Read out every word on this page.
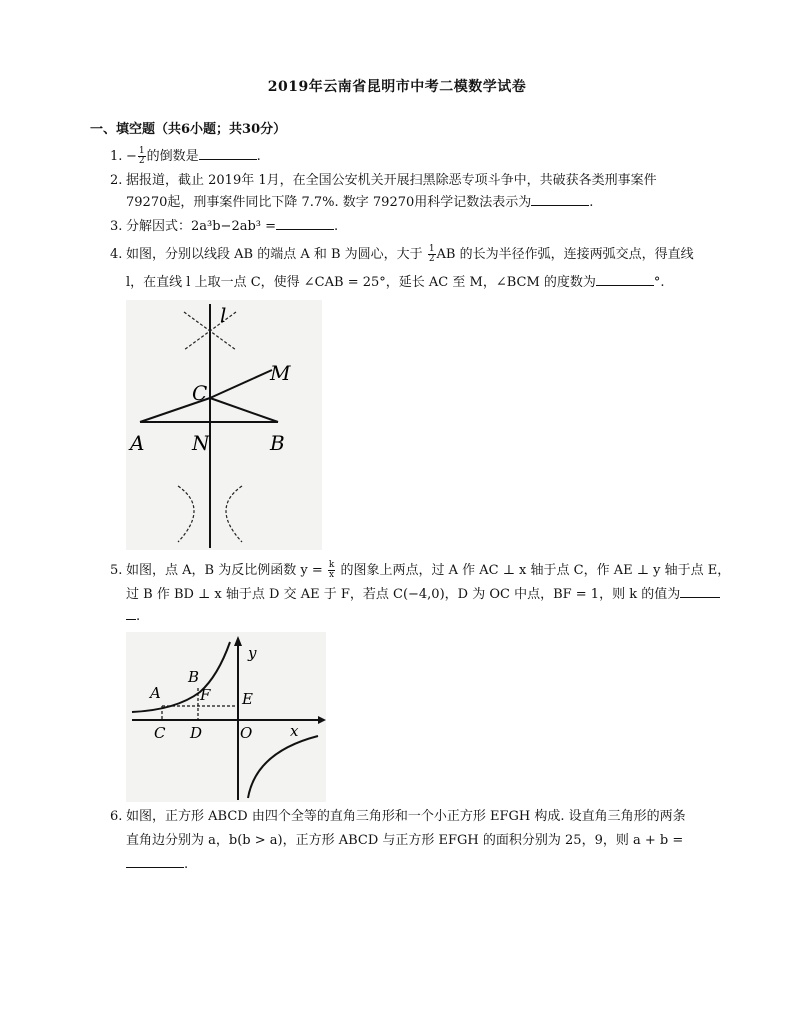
2019年云南省昆明市中考二模数学试卷
一、填空题（共6小题；共30分）
1. − $\frac{1}{2}$ 的倒数是	.
2. 据报道，截止 2019年 1月，在全国公安机关开展扫黑除恶专项斗争中，共破获各类刑事案件
79270起，刑事案件同比下降 7.7%. 数字 79270用科学记数法表示为	.
3. 分解因式：2a³b−2ab³ =	.
4. 如图，分别以线段 AB 的端点 A 和 B 为圆心，大于 $\frac{1}{2}$ AB 的长为半径作弧，连接两弧交点，得直线
l，在直线 l 上取一点 C，使得 ∠CAB = 25°，延长 AC 至 M，∠BCM 的度数为	°.
l
M
C
A N	B
5. 如图，点 A，B 为反比例函数 $y = \frac{k}{x}$ 的图象上两点，过 A 作 AC ⊥ x 轴于点 C，作 AE ⊥ y 轴于点 E，
过 B 作 BD ⊥ x 轴于点 D 交 AE 于 F，若点 C(−4,0)，D 为 OC 中点，BF = 1，则 k 的值为
.
y
x
B
A	F E
C D	O
6. 如图，正方形 ABCD 由四个全等的直角三角形和一个小正方形 EFGH 构成. 设直角三角形的两条
直角边分别为 a，b(b > a)，正方形 ABCD 与正方形 EFGH 的面积分别为 25，9，则 a + b =
.
